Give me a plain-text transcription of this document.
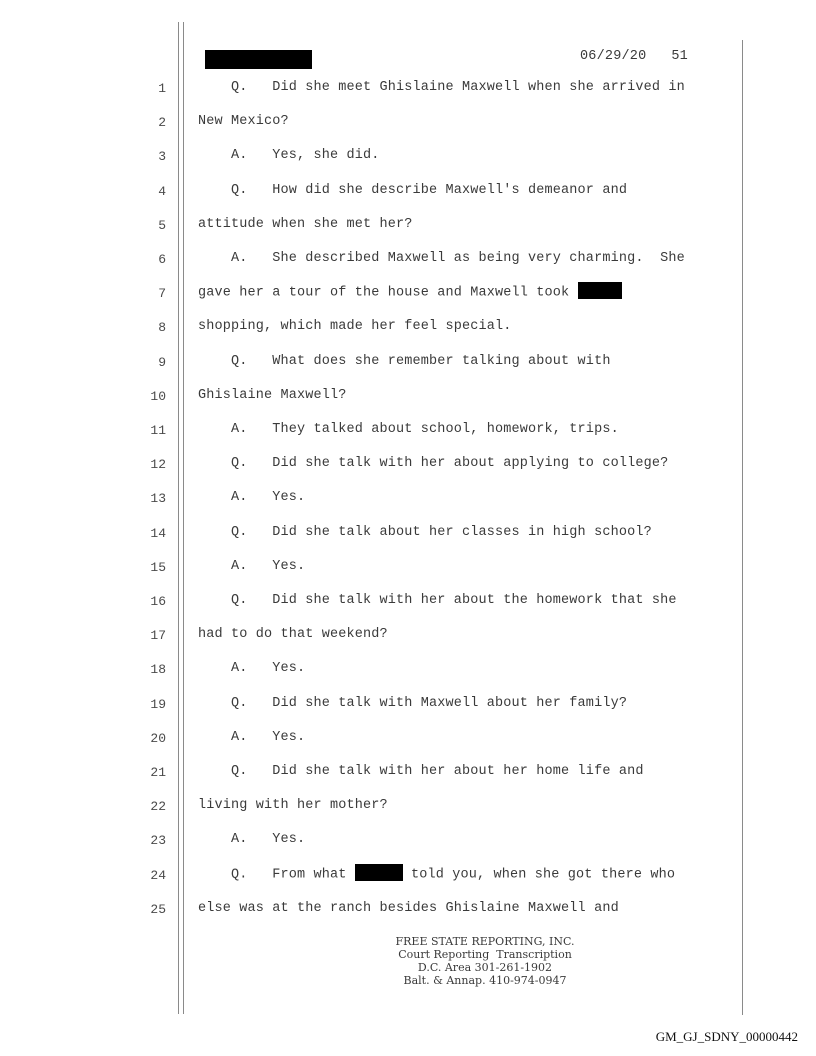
06/29/20 51
1 Q.   Did she meet Ghislaine Maxwell when she arrived in
2 New Mexico?
3 A.   Yes, she did.
4 Q.   How did she describe Maxwell's demeanor and
5 attitude when she met her?
6 A.   She described Maxwell as being very charming.  She
7 gave her a tour of the house and Maxwell took
8 shopping, which made her feel special.
9 Q.   What does she remember talking about with
10 Ghislaine Maxwell?
11 A.   They talked about school, homework, trips.
12 Q.   Did she talk with her about applying to college?
13 A.   Yes.
14 Q.   Did she talk about her classes in high school?
15 A.   Yes.
16 Q.   Did she talk with her about the homework that she
17 had to do that weekend?
18 A.   Yes.
19 Q.   Did she talk with Maxwell about her family?
20 A.   Yes.
21 Q.   Did she talk with her about her home life and
22 living with her mother?
23 A.   Yes.
24 Q.   From what	told you, when she got there who
25 else was at the ranch besides Ghislaine Maxwell and
FREE STATE REPORTING, INC.
Court Reporting  Transcription
D.C. Area 301-261-1902
Balt. & Annap. 410-974-0947
GM_GJ_SDNY_00000442
